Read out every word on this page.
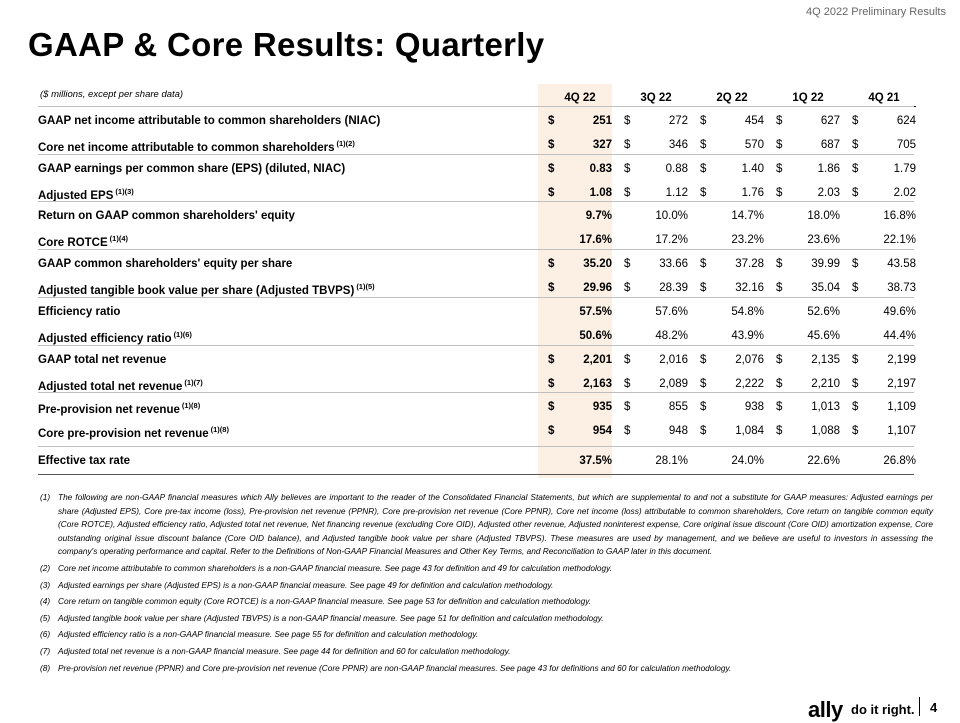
4Q 2022 Preliminary Results
GAAP & Core Results: Quarterly
($ millions, except per share data)	4Q 22	3Q 22	2Q 22	1Q 22	4Q 21
GAAP net income attributable to common shareholders (NIAC)	$	251 $	272 $	454 $	627 $	624
Core net income attributable to common shareholders $^{(1)(2)}$	$	327 $	346 $	570 $	687 $	705
GAAP earnings per common share (EPS) (diluted, NIAC)	$	0.83 $	0.88 $	1.40 $	1.86 $	1.79
Adjusted EPS $^{(1)(3)}$	$	1.08 $	1.12 $	1.76 $	2.03 $	2.02
Return on GAAP common shareholders' equity	9.7%	10.0%	14.7%	18.0%	16.8%
Core ROTCE $^{(1)(4)}$	17.6%	17.2%	23.2%	23.6%	22.1%
GAAP common shareholders' equity per share	$	35.20 $	33.66 $	37.28 $	39.99 $	43.58
Adjusted tangible book value per share (Adjusted TBVPS) $^{(1)(5)}$	$	29.96 $	28.39 $	32.16 $	35.04 $	38.73
Efficiency ratio	57.5%	57.6%	54.8%	52.6%	49.6%
Adjusted efficiency ratio $^{(1)(6)}$	50.6%	48.2%	43.9%	45.6%	44.4%
GAAP total net revenue	$	2,201 $	2,016 $	2,076 $	2,135 $	2,199
Adjusted total net revenue $^{(1)(7)}$	$	2,163 $	2,089 $	2,222 $	2,210 $	2,197
Pre-provision net revenue $^{(1)(8)}$	$	935 $	855 $	938 $	1,013 $	1,109
Core pre-provision net revenue $^{(1)(8)}$	$	954 $	948 $	1,084 $	1,088 $	1,107
Effective tax rate	37.5%	28.1%	24.0%	22.6%	26.8%
(1) The following are non-GAAP financial measures which Ally believes are important to the reader of the Consolidated Financial Statements, but which are supplemental to and not a substitute for GAAP measures: Adjusted earnings per share (Adjusted EPS), Core pre-tax income (loss), Pre-provision net revenue (PPNR), Core pre-provision net revenue (Core PPNR), Core net income (loss) attributable to common shareholders, Core return on tangible common equity (Core ROTCE), Adjusted efficiency ratio, Adjusted total net revenue, Net financing revenue (excluding Core OID), Adjusted other revenue, Adjusted noninterest expense, Core original issue discount (Core OID) amortization expense, Core outstanding original issue discount balance (Core OID balance), and Adjusted tangible book value per share (Adjusted TBVPS). These measures are used by management, and we believe are useful to investors in assessing the company's operating performance and capital. Refer to the Definitions of Non-GAAP Financial Measures and Other Key Terms, and Reconciliation to GAAP later in this document.
(2) Core net income attributable to common shareholders is a non-GAAP financial measure. See page 43 for definition and 49 for calculation methodology.
(3) Adjusted earnings per share (Adjusted EPS) is a non-GAAP financial measure. See page 49 for definition and calculation methodology.
(4) Core return on tangible common equity (Core ROTCE) is a non-GAAP financial measure. See page 53 for definition and calculation methodology.
(5) Adjusted tangible book value per share (Adjusted TBVPS) is a non-GAAP financial measure. See page 51 for definition and calculation methodology.
(6) Adjusted efficiency ratio is a non-GAAP financial measure. See page 55 for definition and calculation methodology.
(7) Adjusted total net revenue is a non-GAAP financial measure. See page 44 for definition and 60 for calculation methodology.
(8) Pre-provision net revenue (PPNR) and Core pre-provision net revenue (Core PPNR) are non-GAAP financial measures. See page 43 for definitions and 60 for calculation methodology.
ally do it right. 4
